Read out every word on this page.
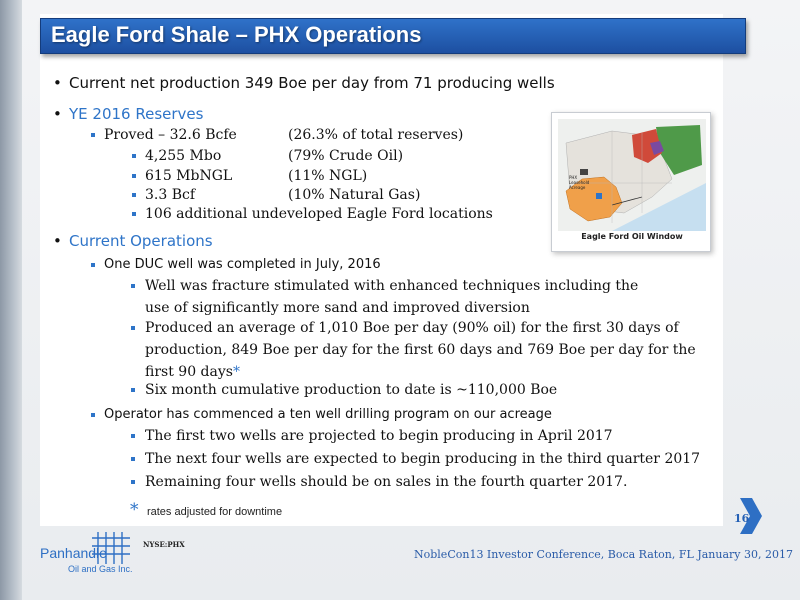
Eagle Ford Shale – PHX Operations
• Current net production 349 Boe per day from 71 producing wells
• YE 2016 Reserves
Proved – 32.6 Bcfe	(26.3% of total reserves)
4,255 Mbo	(79% Crude Oil)
615 MbNGL	(11% NGL)
3.3 Bcf	(10% Natural Gas)
106 additional undeveloped Eagle Ford locations
• Current Operations
One DUC well was completed in July, 2016
Well was fracture stimulated with enhanced techniques including the use of significantly more sand and improved diversion
Produced an average of 1,010 Boe per day (90% oil) for the first 30 days of production, 849 Boe per day for the first 60 days and 769 Boe per day for the first 90 days*
Six month cumulative production to date is ~110,000 Boe
Operator has commenced a ten well drilling program on our acreage
The first two wells are projected to begin producing in April 2017
The next four wells are expected to begin producing in the third quarter 2017
Remaining four wells should be on sales in the fourth quarter 2017.
* rates adjusted for downtime
PHX Leasehold Acreage
Eagle Ford Oil Window
16
Panhandle
Oil and Gas Inc.
NYSE:PHX
NobleCon13 Investor Conference, Boca Raton, FL January 30, 2017
